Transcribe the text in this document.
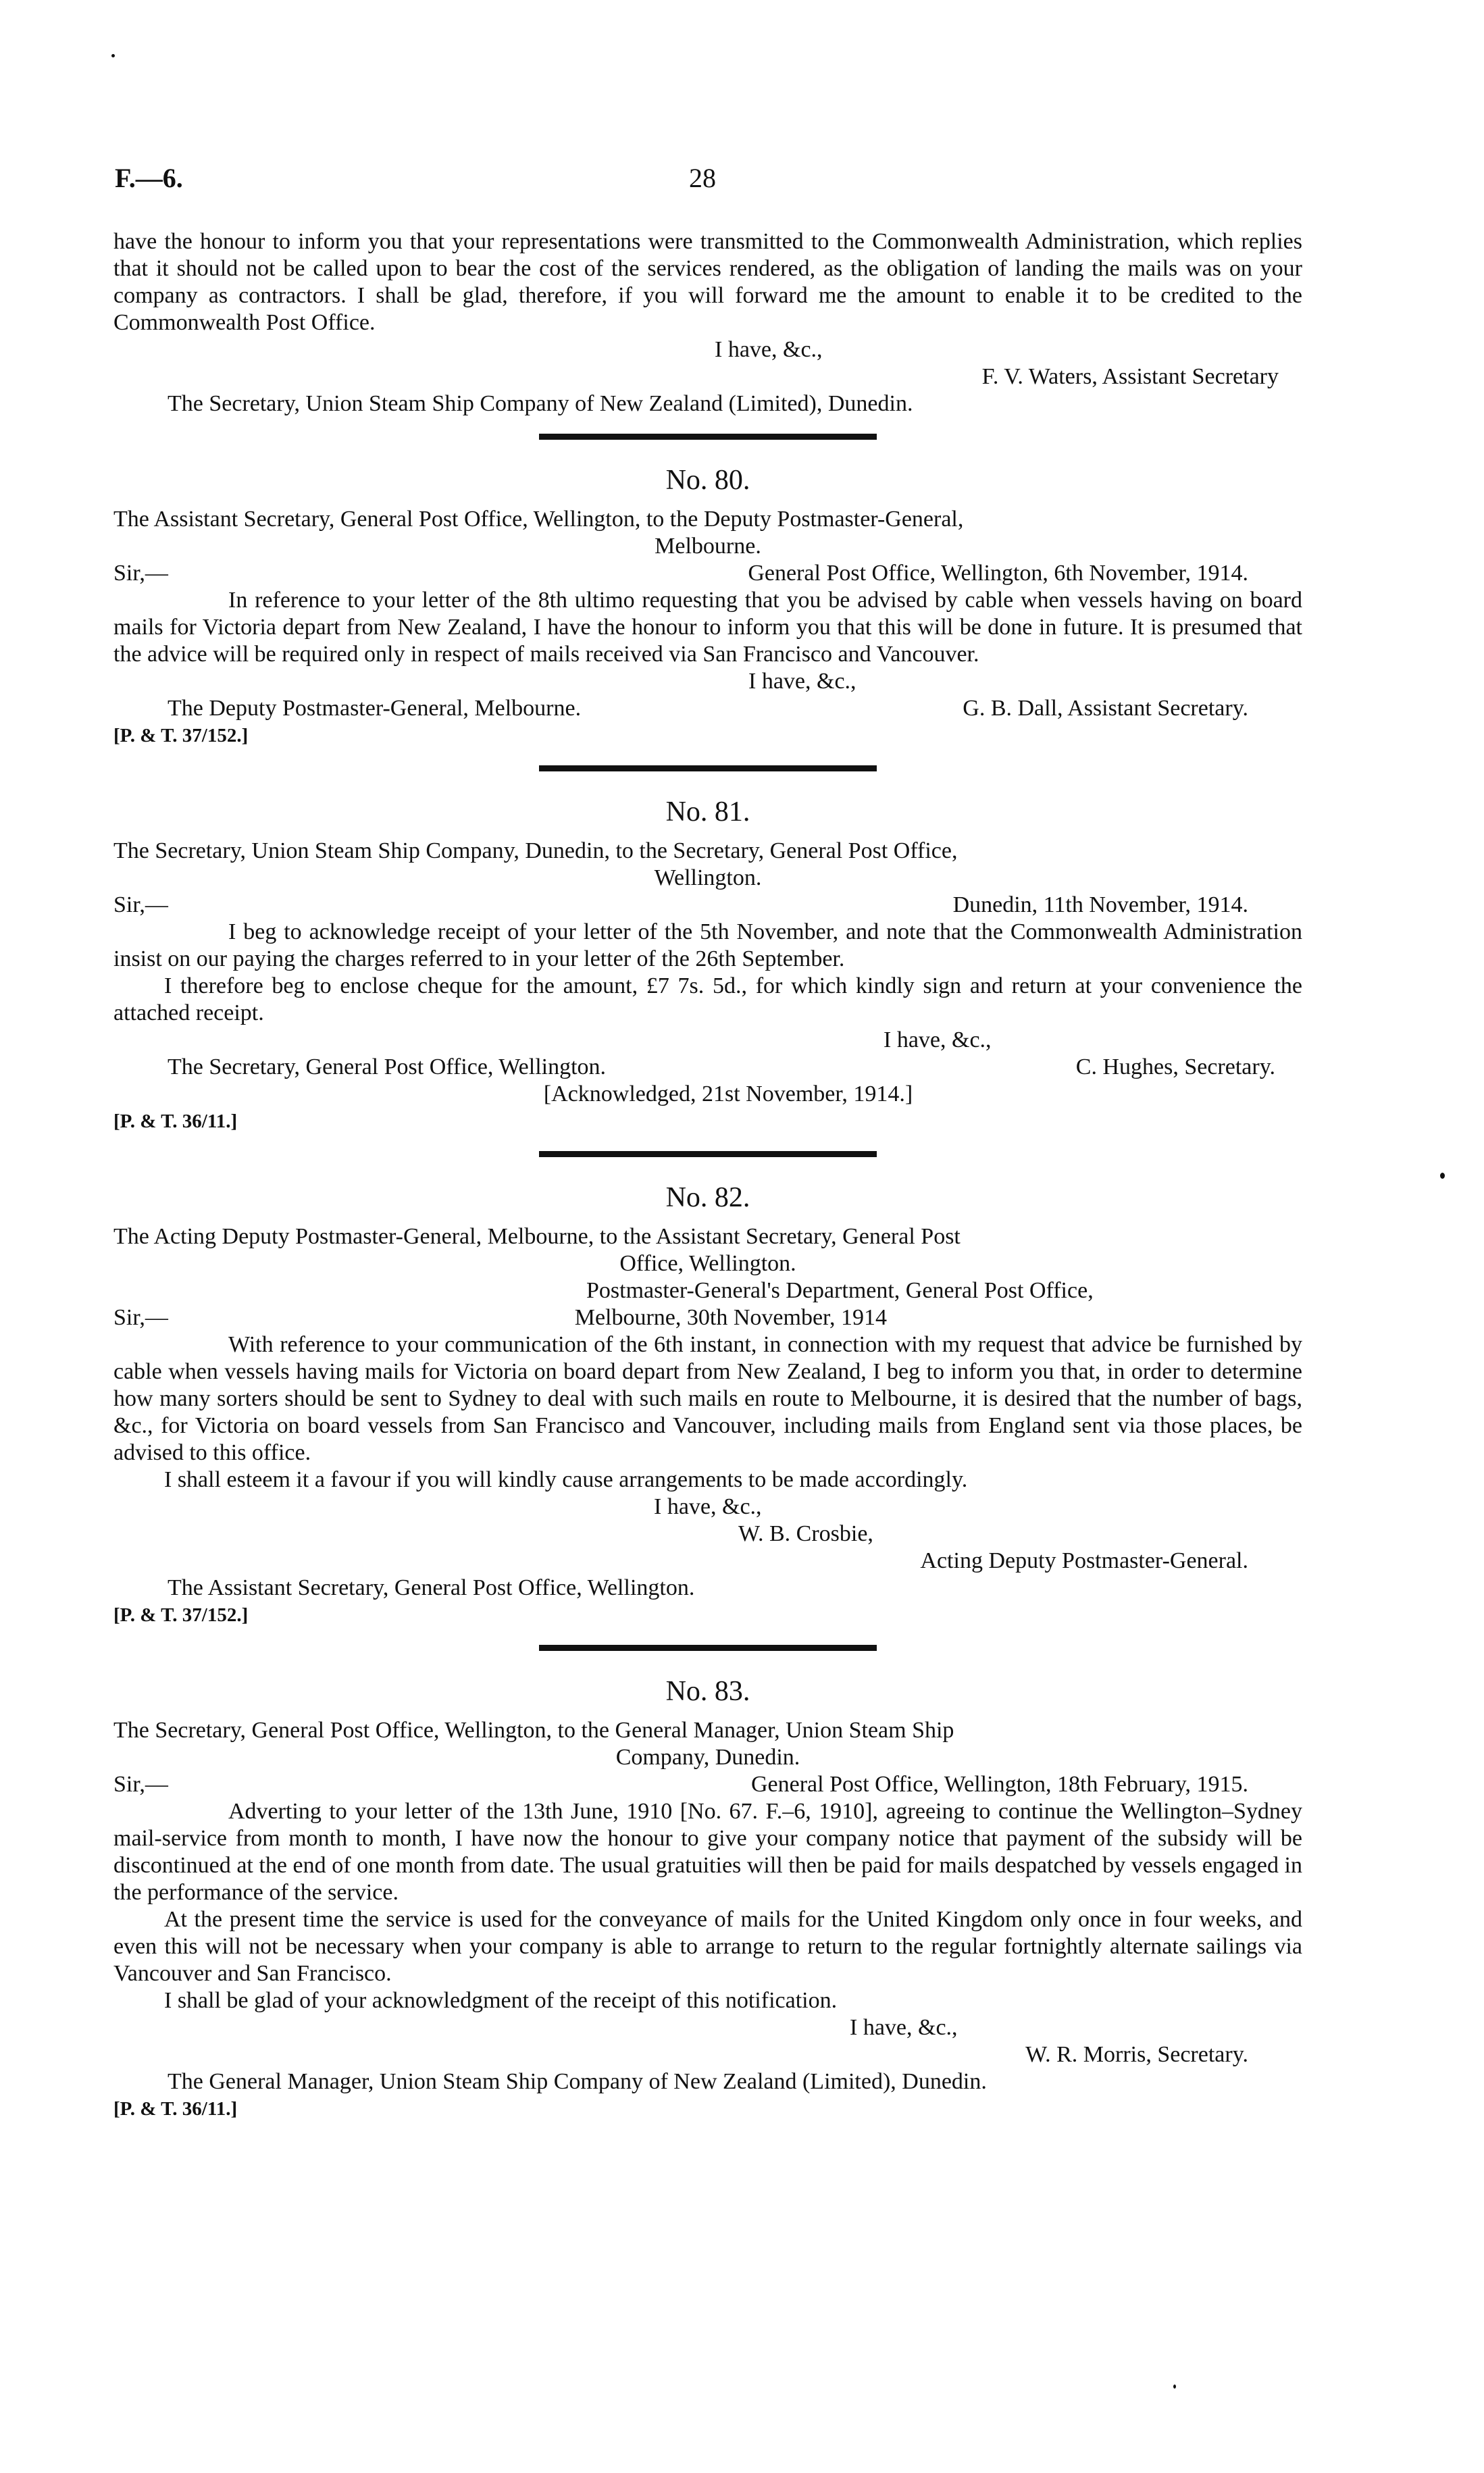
F.—6.	28

have the honour to inform you that your representations were transmitted to the Commonwealth Administration, which replies that it should not be called upon to bear the cost of the services rendered, as the obligation of landing the mails was on your company as contractors. I shall be glad, therefore, if you will forward me the amount to enable it to be credited to the Commonwealth Post Office.

I have, &c.,

F. V. Waters, Assistant Secretary

The Secretary, Union Steam Ship Company of New Zealand (Limited), Dunedin.

No. 80.

The Assistant Secretary, General Post Office, Wellington, to the Deputy Postmaster-General,

Melbourne.

Sir,—	General Post Office, Wellington, 6th November, 1914.

In reference to your letter of the 8th ultimo requesting that you be advised by cable when vessels having on board mails for Victoria depart from New Zealand, I have the honour to inform you that this will be done in future. It is presumed that the advice will be required only in respect of mails received via San Francisco and Vancouver.

I have, &c.,

The Deputy Postmaster-General, Melbourne.	G. B. Dall, Assistant Secretary.

[P. & T. 37/152.]

No. 81.

The Secretary, Union Steam Ship Company, Dunedin, to the Secretary, General Post Office,

Wellington.

Sir,—	Dunedin, 11th November, 1914.

I beg to acknowledge receipt of your letter of the 5th November, and note that the Commonwealth Administration insist on our paying the charges referred to in your letter of the 26th September.

I therefore beg to enclose cheque for the amount, £7 7s. 5d., for which kindly sign and return at your convenience the attached receipt.

I have, &c.,

The Secretary, General Post Office, Wellington.	C. Hughes, Secretary.

[Acknowledged, 21st November, 1914.]

[P. & T. 36/11.]

No. 82.

The Acting Deputy Postmaster-General, Melbourne, to the Assistant Secretary, General Post

Office, Wellington.

Postmaster-General's Department, General Post Office,

Sir,—	Melbourne, 30th November, 1914

With reference to your communication of the 6th instant, in connection with my request that advice be furnished by cable when vessels having mails for Victoria on board depart from New Zealand, I beg to inform you that, in order to determine how many sorters should be sent to Sydney to deal with such mails en route to Melbourne, it is desired that the number of bags, &c., for Victoria on board vessels from San Francisco and Vancouver, including mails from England sent via those places, be advised to this office.

I shall esteem it a favour if you will kindly cause arrangements to be made accordingly.

I have, &c.,

W. B. Crosbie,

Acting Deputy Postmaster-General.

The Assistant Secretary, General Post Office, Wellington.

[P. & T. 37/152.]

No. 83.

The Secretary, General Post Office, Wellington, to the General Manager, Union Steam Ship

Company, Dunedin.

Sir,—	General Post Office, Wellington, 18th February, 1915.

Adverting to your letter of the 13th June, 1910 [No. 67. F.–6, 1910], agreeing to continue the Wellington–Sydney mail-service from month to month, I have now the honour to give your company notice that payment of the subsidy will be discontinued at the end of one month from date. The usual gratuities will then be paid for mails despatched by vessels engaged in the performance of the service.

At the present time the service is used for the conveyance of mails for the United Kingdom only once in four weeks, and even this will not be necessary when your company is able to arrange to return to the regular fortnightly alternate sailings via Vancouver and San Francisco.

I shall be glad of your acknowledgment of the receipt of this notification.

I have, &c.,

W. R. Morris, Secretary.

The General Manager, Union Steam Ship Company of New Zealand (Limited), Dunedin.

[P. & T. 36/11.]
